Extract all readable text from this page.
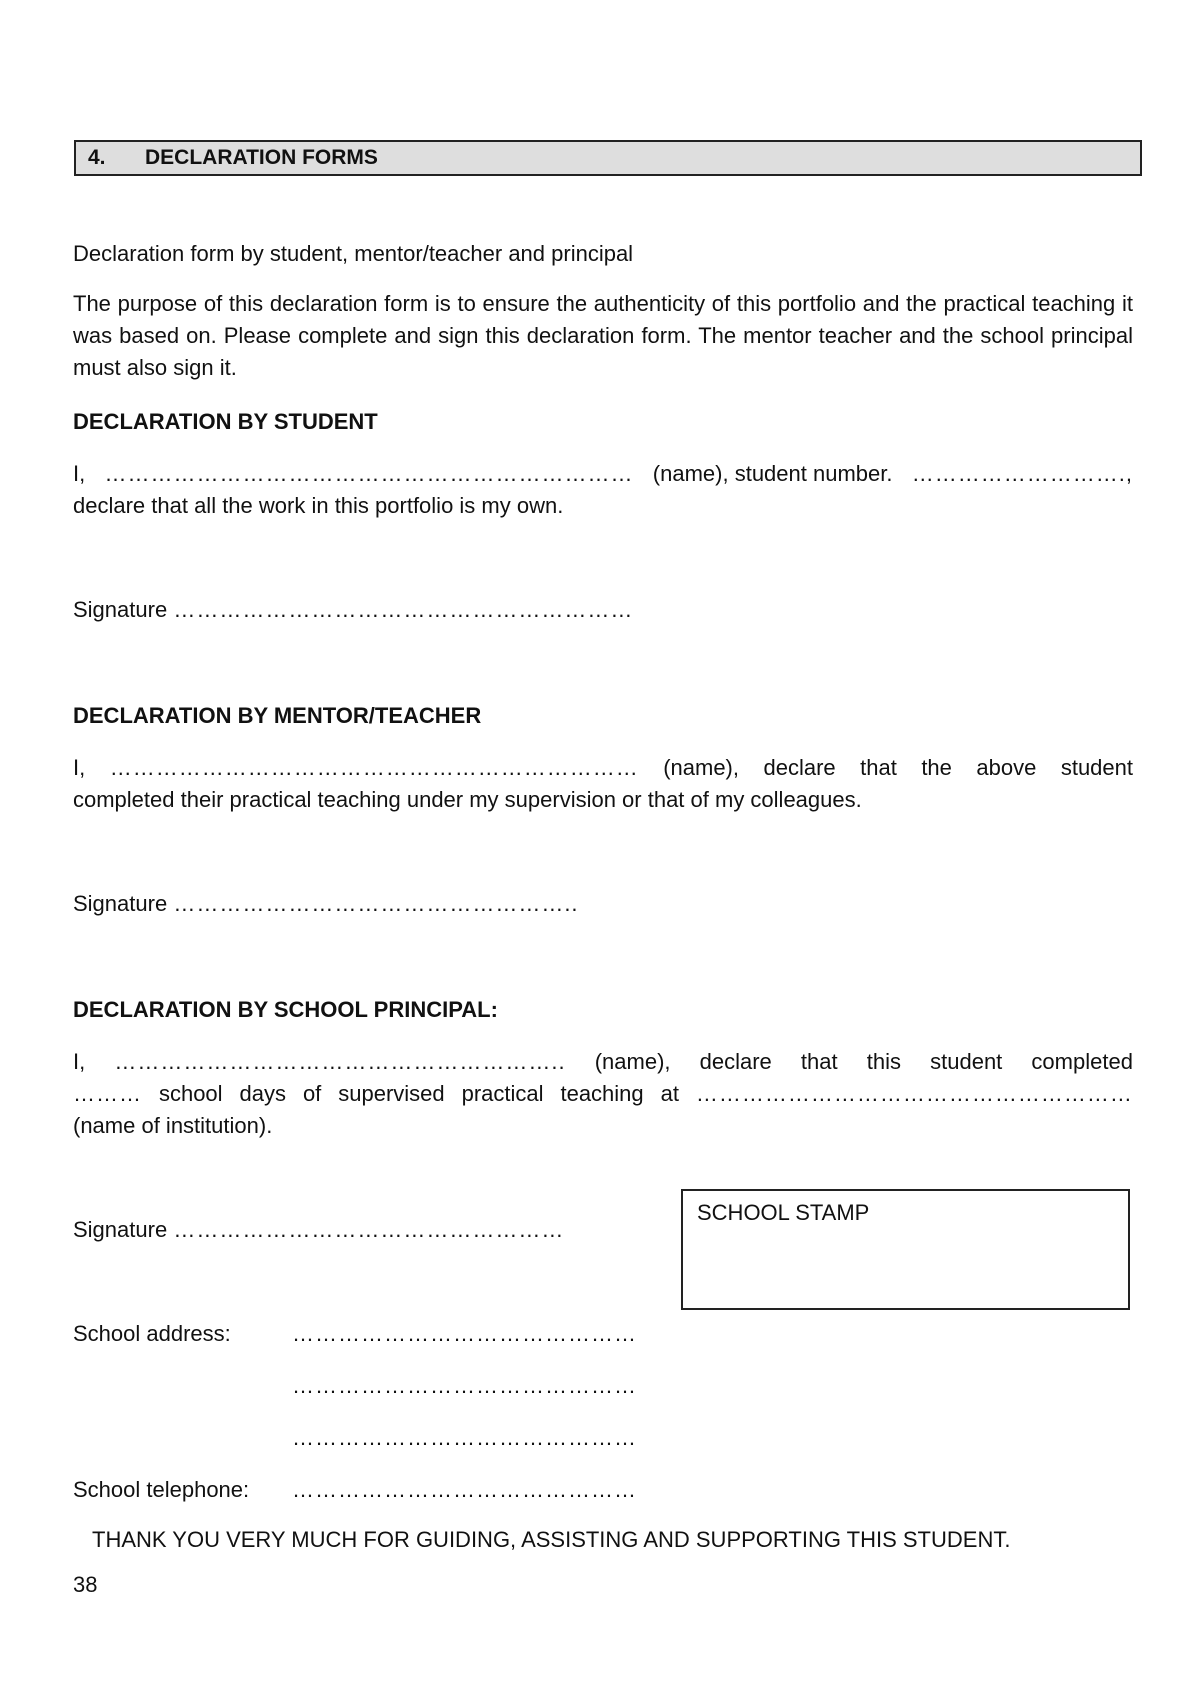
4. DECLARATION FORMS
Declaration form by student, mentor/teacher and principal
The purpose of this declaration form is to ensure the authenticity of this portfolio and the practical teaching it was based on. Please complete and sign this declaration form. The mentor teacher and the school principal must also sign it.
DECLARATION BY STUDENT
I, …………………………………………………………… (name), student number. ……………………….,
declare that all the work in this portfolio is my own.
Signature ……………………………………………………
DECLARATION BY MENTOR/TEACHER
I, …………………………………………………………… (name), declare that the above student
completed their practical teaching under my supervision or that of my colleagues.
Signature ……………………………………………..
DECLARATION BY SCHOOL PRINCIPAL:
I, ………………………………………………….. (name), declare that this student completed
……… school days of supervised practical teaching at …………………………………………………
(name of institution).
Signature ……………………………………………
SCHOOL STAMP
School address:	………………………………………
………………………………………
………………………………………
School telephone: ………………………………………
THANK YOU VERY MUCH FOR GUIDING, ASSISTING AND SUPPORTING THIS STUDENT.
38
